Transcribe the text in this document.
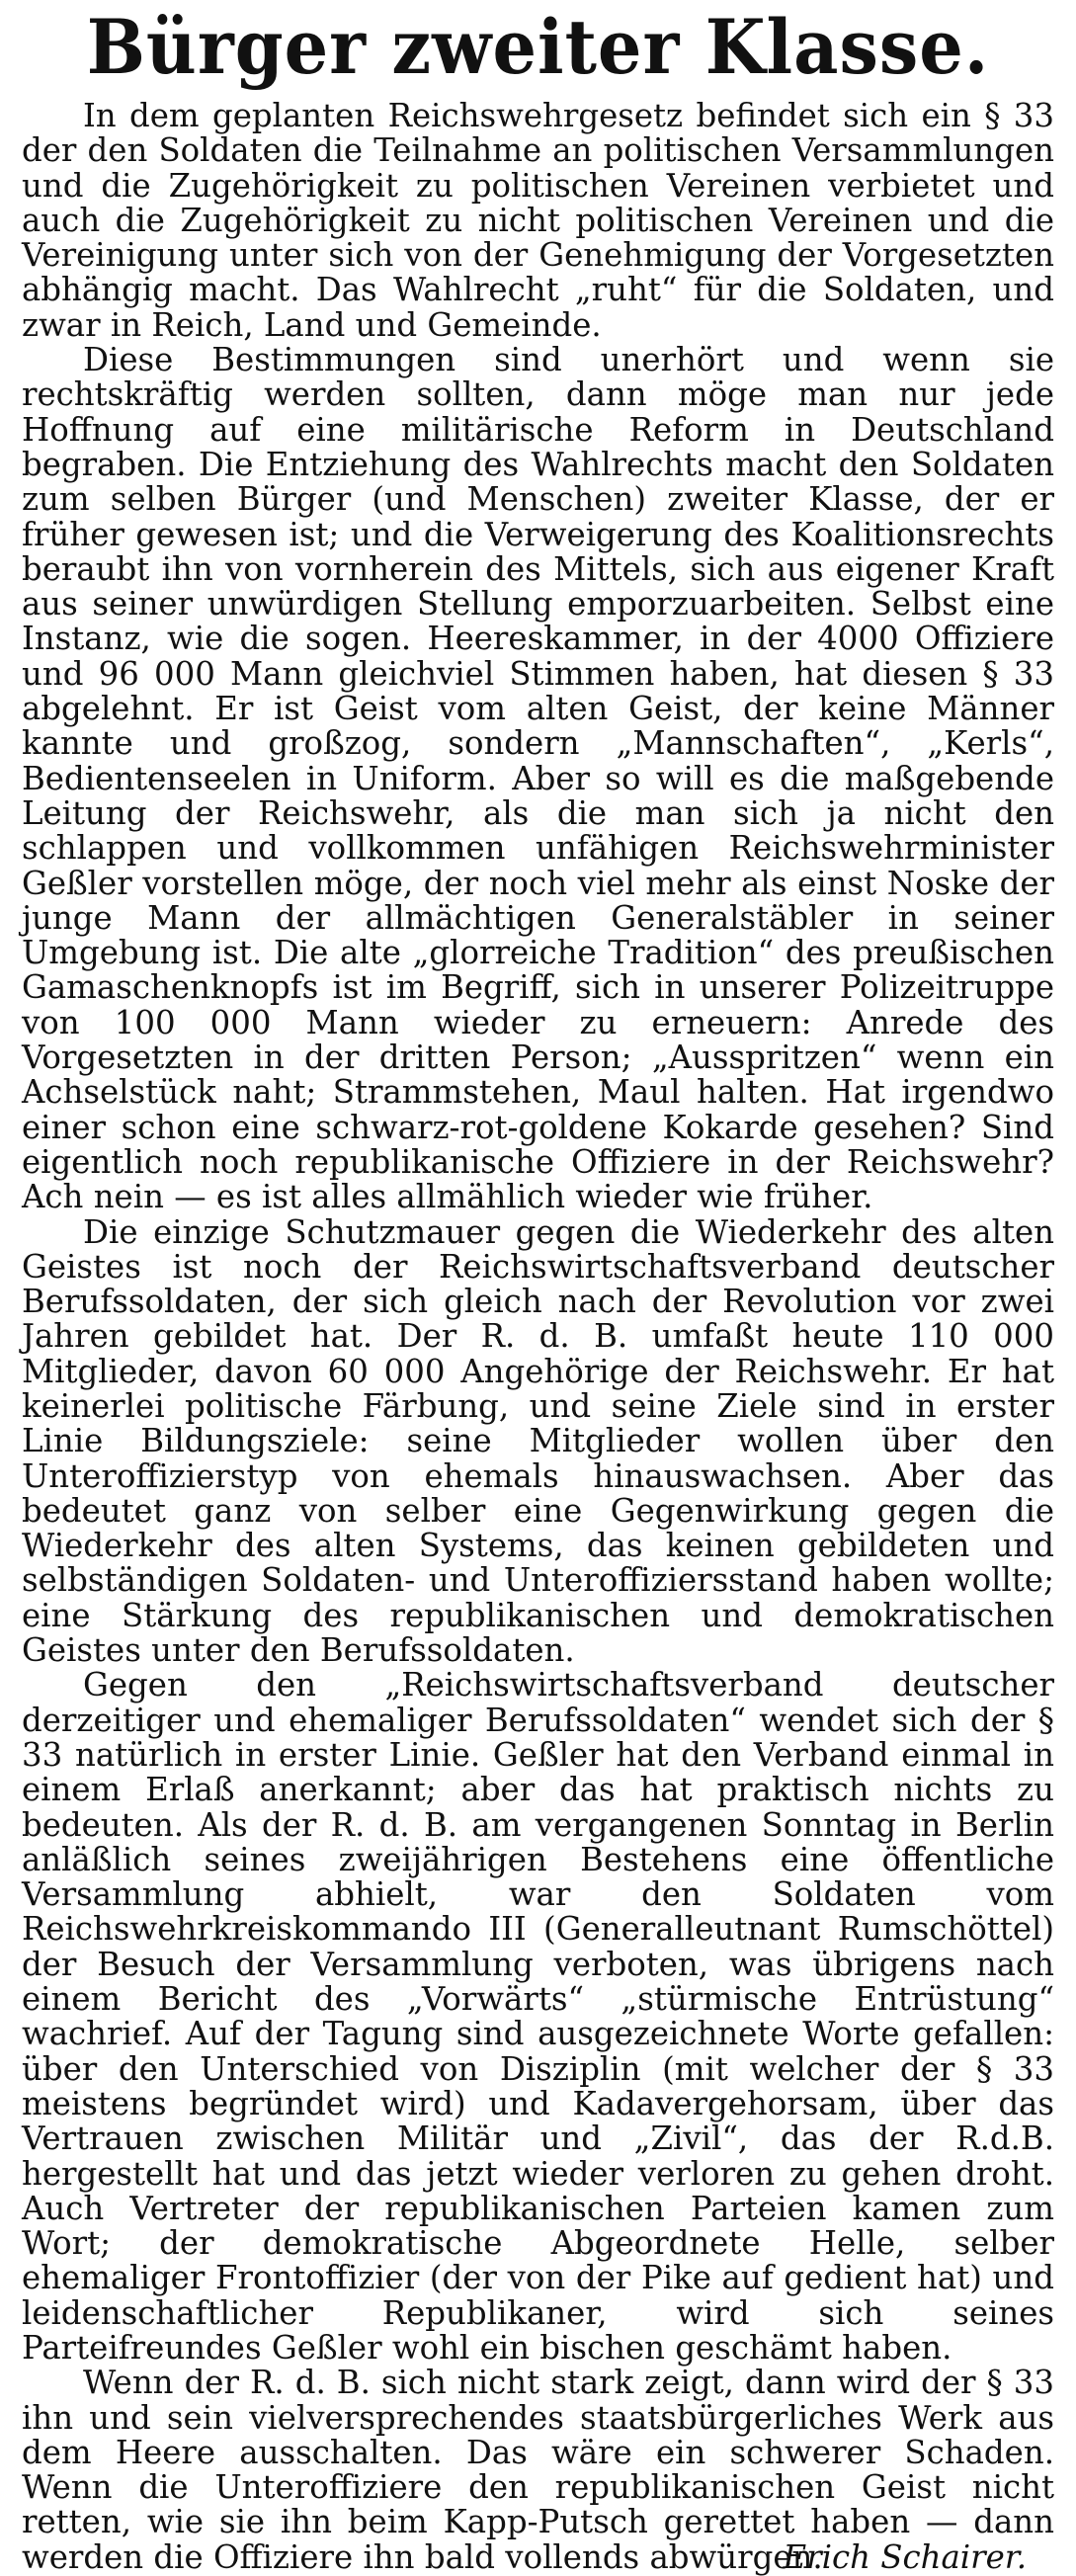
Bürger zweiter Klasse.

In dem geplanten Reichswehrgesetz befindet sich ein § 33 der den Soldaten die Teilnahme an politischen Versammlungen und die Zugehörigkeit zu politischen Vereinen verbietet und auch die Zugehörigkeit zu nicht politischen Vereinen und die Vereinigung unter sich von der Genehmigung der Vorgesetzten abhängig macht. Das Wahlrecht „ruht“ für die Soldaten, und zwar in Reich, Land und Gemeinde.

Diese Bestimmungen sind unerhört und wenn sie rechtskräftig werden sollten, dann möge man nur jede Hoffnung auf eine militärische Reform in Deutschland begraben. Die Entziehung des Wahlrechts macht den Soldaten zum selben Bürger (und Menschen) zweiter Klasse, der er früher gewesen ist; und die Verweigerung des Koalitionsrechts beraubt ihn von vornherein des Mittels, sich aus eigener Kraft aus seiner unwürdigen Stellung emporzuarbeiten. Selbst eine Instanz, wie die sogen. Heereskammer, in der 4000 Offiziere und 96 000 Mann gleichviel Stimmen haben, hat diesen § 33 abgelehnt. Er ist Geist vom alten Geist, der keine Männer kannte und großzog, sondern „Mannschaften“, „Kerls“, Bedientenseelen in Uniform. Aber so will es die maßgebende Leitung der Reichswehr, als die man sich ja nicht den schlappen und vollkommen unfähigen Reichswehrminister Geßler vorstellen möge, der noch viel mehr als einst Noske der junge Mann der allmächtigen Generalstäbler in seiner Umgebung ist. Die alte „glorreiche Tradition“ des preußischen Gamaschenknopfs ist im Begriff, sich in unserer Polizeitruppe von 100 000 Mann wieder zu erneuern: Anrede des Vorgesetzten in der dritten Person; „Ausspritzen“ wenn ein Achselstück naht; Strammstehen, Maul halten. Hat irgendwo einer schon eine schwarz-rot-goldene Kokarde gesehen? Sind eigentlich noch republikanische Offiziere in der Reichswehr? Ach nein — es ist alles allmählich wieder wie früher.

Die einzige Schutzmauer gegen die Wiederkehr des alten Geistes ist noch der Reichswirtschaftsverband deutscher Berufssoldaten, der sich gleich nach der Revolution vor zwei Jahren gebildet hat. Der R. d. B. umfaßt heute 110 000 Mitglieder, davon 60 000 Angehörige der Reichswehr. Er hat keinerlei politische Färbung, und seine Ziele sind in erster Linie Bildungsziele: seine Mitglieder wollen über den Unteroffizierstyp von ehemals hinauswachsen. Aber das bedeutet ganz von selber eine Gegenwirkung gegen die Wiederkehr des alten Systems, das keinen gebildeten und selbständigen Soldaten- und Unteroffiziersstand haben wollte; eine Stärkung des republikanischen und demokratischen Geistes unter den Berufssoldaten.

Gegen den „Reichswirtschaftsverband deutscher derzeitiger und ehemaliger Berufssoldaten“ wendet sich der § 33 natürlich in erster Linie. Geßler hat den Verband einmal in einem Erlaß anerkannt; aber das hat praktisch nichts zu bedeuten. Als der R. d. B. am vergangenen Sonntag in Berlin anläßlich seines zweijährigen Bestehens eine öffentliche Versammlung abhielt, war den Soldaten vom Reichswehrkreiskommando III (Generalleutnant Rumschöttel) der Besuch der Versammlung verboten, was übrigens nach einem Bericht des „Vorwärts“ „stürmische Entrüstung“ wachrief. Auf der Tagung sind ausgezeichnete Worte gefallen: über den Unterschied von Disziplin (mit welcher der § 33 meistens begründet wird) und Kadavergehorsam, über das Vertrauen zwischen Militär und „Zivil“, das der R.d.B. hergestellt hat und das jetzt wieder verloren zu gehen droht. Auch Vertreter der republikanischen Parteien kamen zum Wort; der demokratische Abgeordnete Helle, selber ehemaliger Frontoffizier (der von der Pike auf gedient hat) und leidenschaftlicher Republikaner, wird sich seines Parteifreundes Geßler wohl ein bischen geschämt haben.

Wenn der R. d. B. sich nicht stark zeigt, dann wird der § 33 ihn und sein vielversprechendes staatsbürgerliches Werk aus dem Heere ausschalten. Das wäre ein schwerer Schaden. Wenn die Unteroffiziere den republikanischen Geist nicht retten, wie sie ihn beim Kapp-Putsch gerettet haben — dann werden die Offiziere ihn bald vollends abwürgen.

Erich Schairer.
